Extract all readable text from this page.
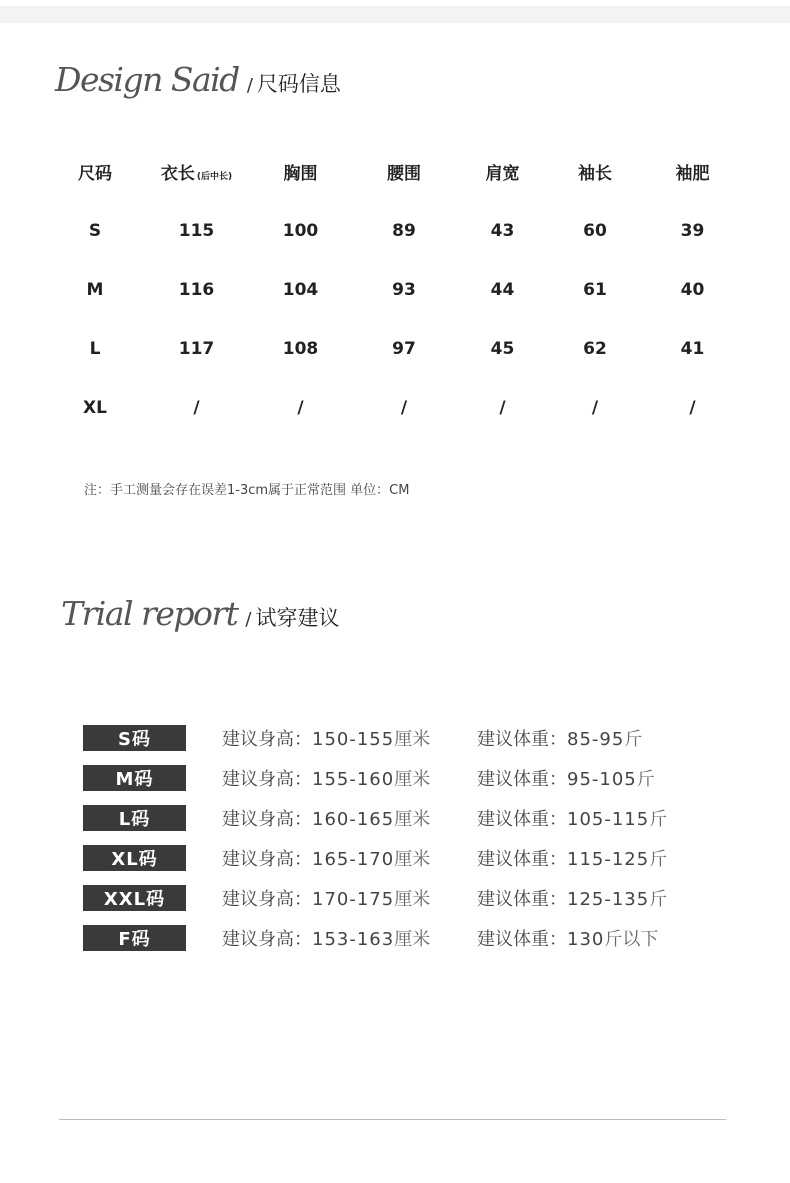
Design Said / 尺码信息
尺码	衣长 (后中长)	胸围	腰围	肩宽	袖长	袖肥
S	115	100	89	43	60	39
M	116	104	93	44	61	40
L	117	108	97	45	62	41
XL	/	/	/	/	/	/
注：手工测量会存在误差1-3cm属于正常范围 单位：CM
Trial report / 试穿建议
S码	建议身高：150-155厘米	建议体重：85-95斤
M码	建议身高：155-160厘米	建议体重：95-105斤
L码	建议身高：160-165厘米	建议体重：105-115斤
XL码	建议身高：165-170厘米	建议体重：115-125斤
XXL码	建议身高：170-175厘米	建议体重：125-135斤
F码	建议身高：153-163厘米	建议体重：130斤以下
